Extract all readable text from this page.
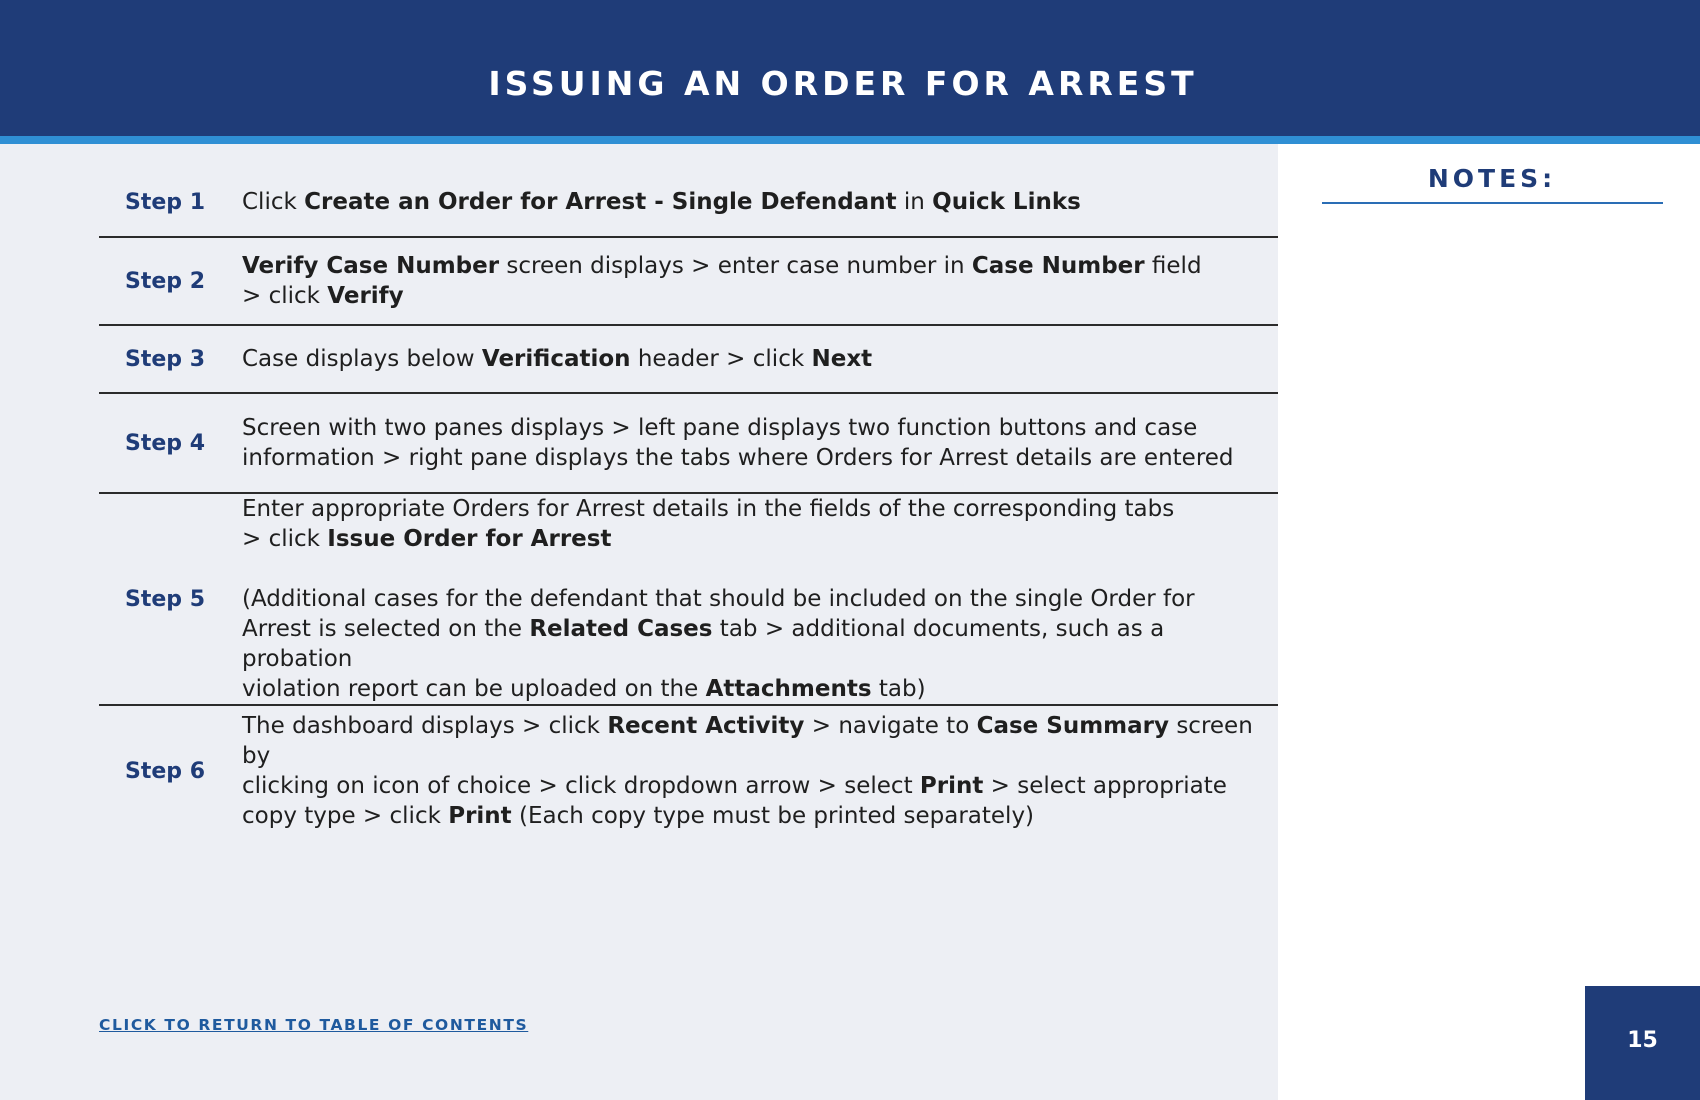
ISSUING AN ORDER FOR ARREST
Step 1	Click Create an Order for Arrest - Single Defendant in Quick Links
Step 2
Verify Case Number screen displays > enter case number in Case Number field
> click Verify
Step 3	Case displays below Verification header > click Next
Step 4
Screen with two panes displays > left pane displays two function buttons and case
information > right pane displays the tabs where Orders for Arrest details are entered
Step 5
Enter appropriate Orders for Arrest details in the fields of the corresponding tabs
> click Issue Order for Arrest
(Additional cases for the defendant that should be included on the single Order for
Arrest is selected on the Related Cases tab > additional documents, such as a probation
violation report can be uploaded on the Attachments tab)
Step 6
The dashboard displays > click Recent Activity > navigate to Case Summary screen by
clicking on icon of choice > click dropdown arrow > select Print > select appropriate
copy type > click Print (Each copy type must be printed separately)
CLICK TO RETURN TO TABLE OF CONTENTS
NOTES:
15
